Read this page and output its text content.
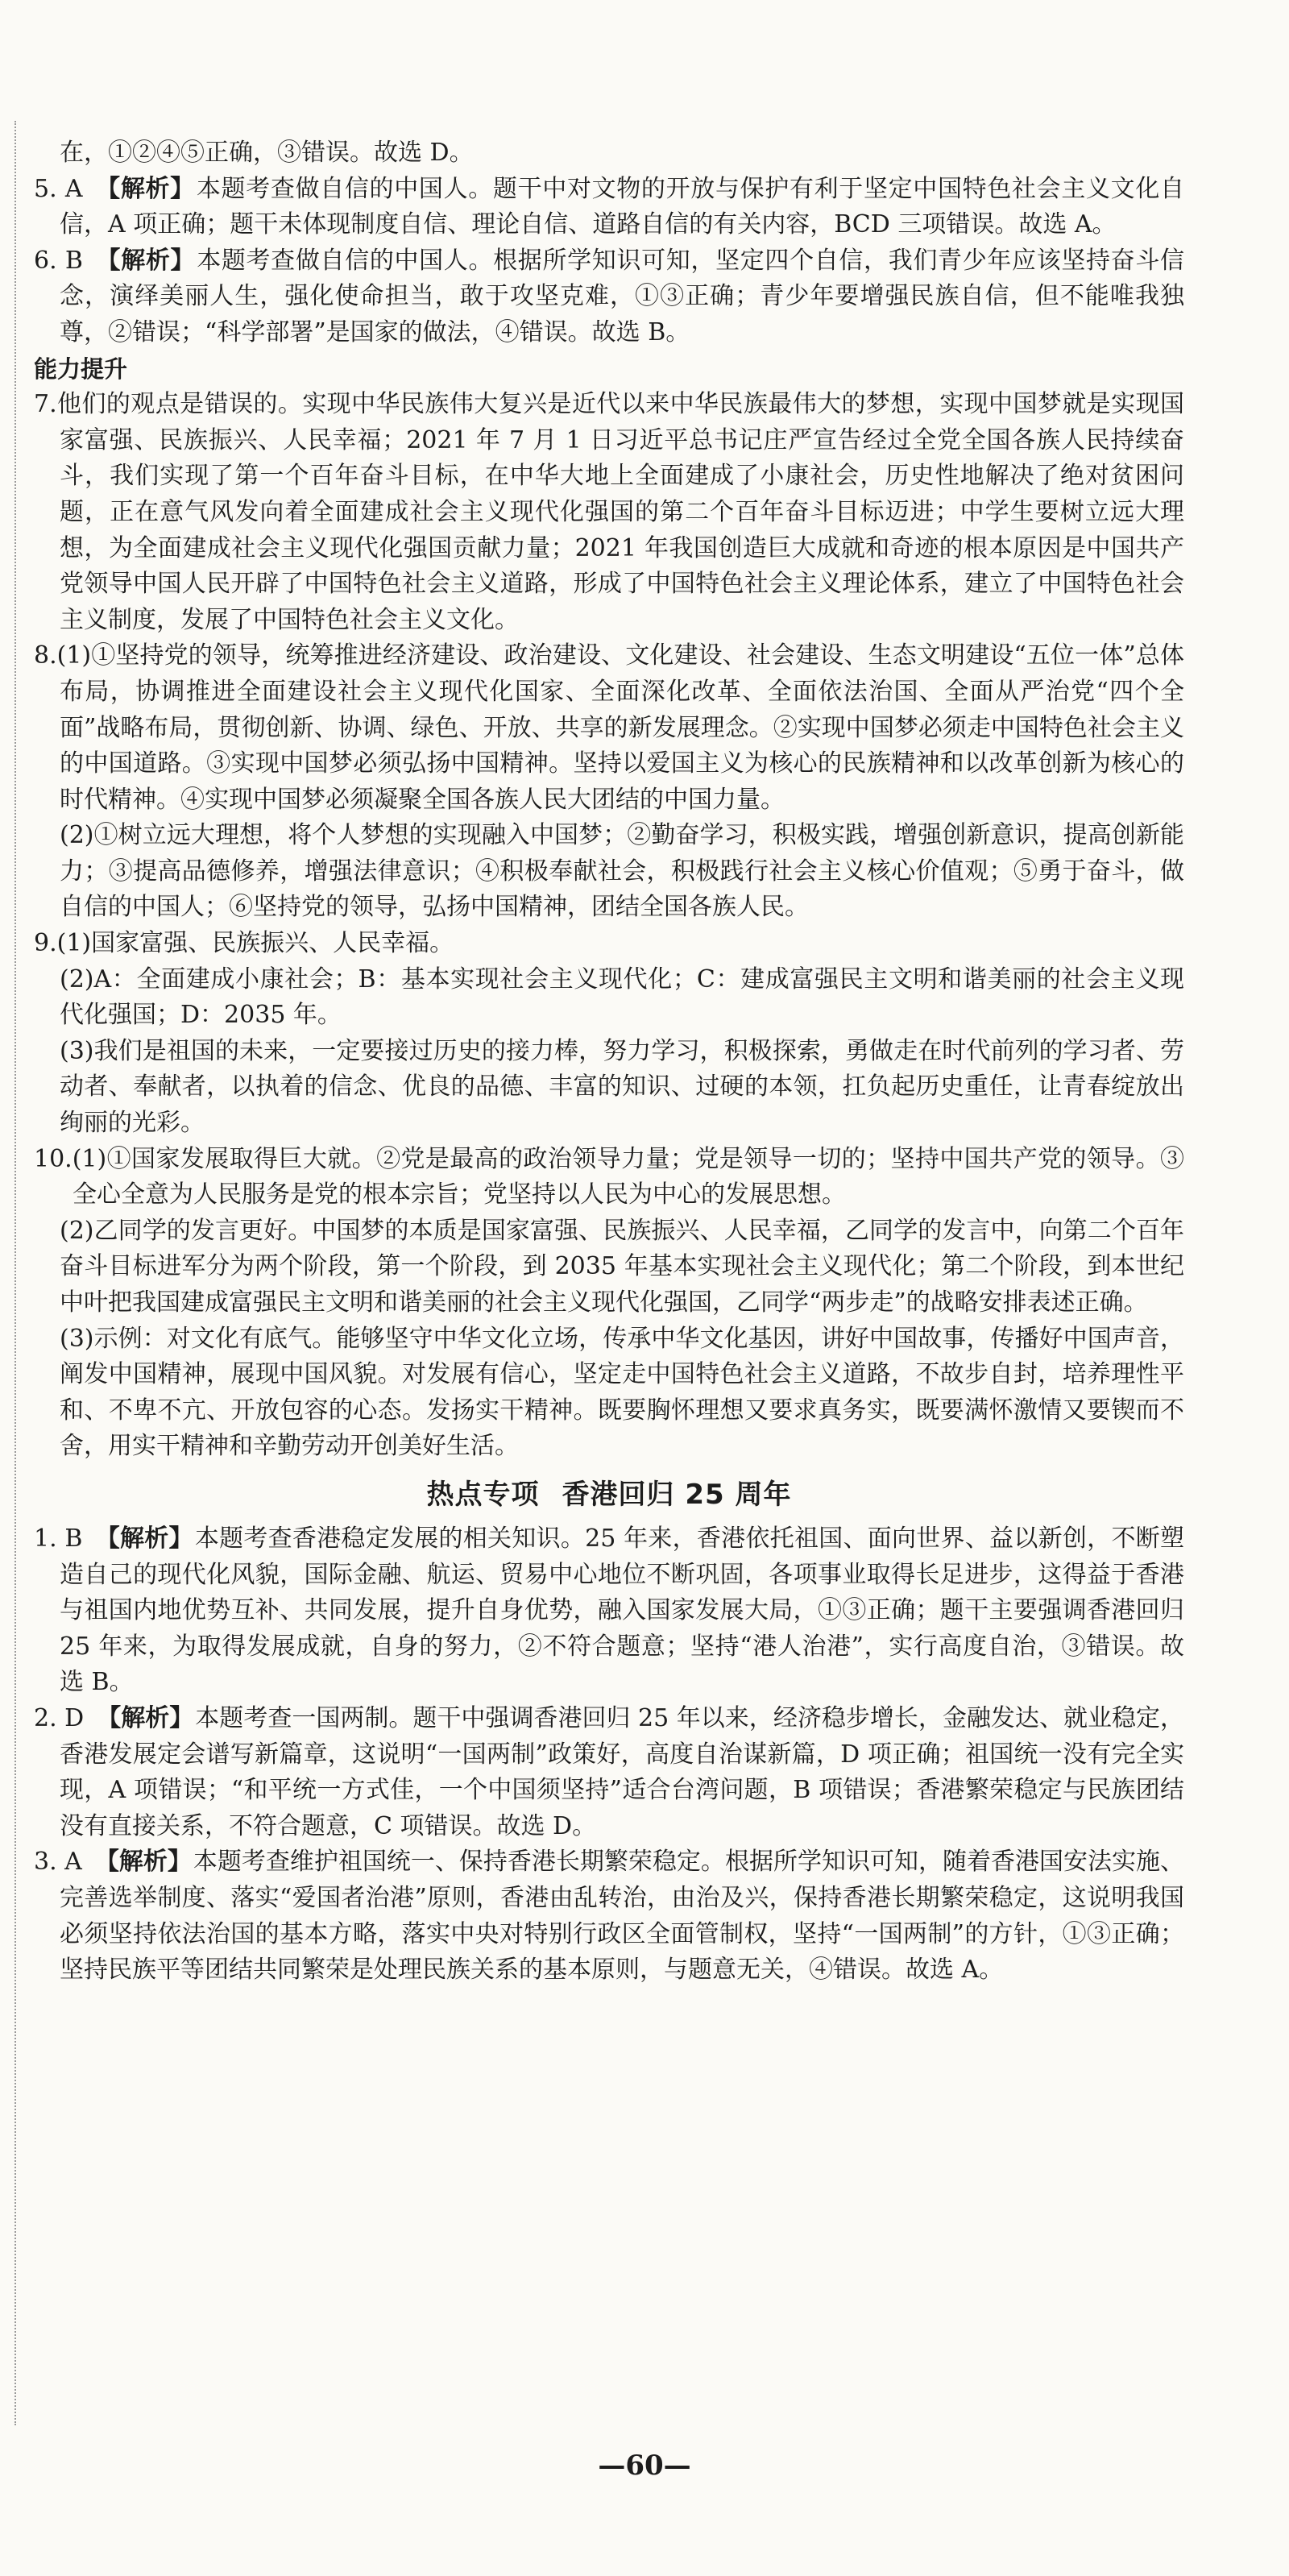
在，①②④⑤正确，③错误。故选 D。

5. A 【解析】本题考查做自信的中国人。题干中对文物的开放与保护有利于坚定中国特色社会主义文化自信，A 项正确；题干未体现制度自信、理论自信、道路自信的有关内容，BCD 三项错误。故选 A。

6. B 【解析】本题考查做自信的中国人。根据所学知识可知，坚定四个自信，我们青少年应该坚持奋斗信念，演绎美丽人生，强化使命担当，敢于攻坚克难，①③正确；青少年要增强民族自信，但不能唯我独尊，②错误；“科学部署”是国家的做法，④错误。故选 B。

能力提升

7.他们的观点是错误的。实现中华民族伟大复兴是近代以来中华民族最伟大的梦想，实现中国梦就是实现国家富强、民族振兴、人民幸福；2021 年 7 月 1 日习近平总书记庄严宣告经过全党全国各族人民持续奋斗，我们实现了第一个百年奋斗目标，在中华大地上全面建成了小康社会，历史性地解决了绝对贫困问题，正在意气风发向着全面建成社会主义现代化强国的第二个百年奋斗目标迈进；中学生要树立远大理想，为全面建成社会主义现代化强国贡献力量；2021 年我国创造巨大成就和奇迹的根本原因是中国共产党领导中国人民开辟了中国特色社会主义道路，形成了中国特色社会主义理论体系，建立了中国特色社会主义制度，发展了中国特色社会主义文化。

8.(1)①坚持党的领导，统筹推进经济建设、政治建设、文化建设、社会建设、生态文明建设“五位一体”总体布局，协调推进全面建设社会主义现代化国家、全面深化改革、全面依法治国、全面从严治党“四个全面”战略布局，贯彻创新、协调、绿色、开放、共享的新发展理念。②实现中国梦必须走中国特色社会主义的中国道路。③实现中国梦必须弘扬中国精神。坚持以爱国主义为核心的民族精神和以改革创新为核心的时代精神。④实现中国梦必须凝聚全国各族人民大团结的中国力量。

(2)①树立远大理想，将个人梦想的实现融入中国梦；②勤奋学习，积极实践，增强创新意识，提高创新能力；③提高品德修养，增强法律意识；④积极奉献社会，积极践行社会主义核心价值观；⑤勇于奋斗，做自信的中国人；⑥坚持党的领导，弘扬中国精神，团结全国各族人民。

9.(1)国家富强、民族振兴、人民幸福。

(2)A：全面建成小康社会；B：基本实现社会主义现代化；C：建成富强民主文明和谐美丽的社会主义现代化强国；D：2035 年。

(3)我们是祖国的未来，一定要接过历史的接力棒，努力学习，积极探索，勇做走在时代前列的学习者、劳动者、奉献者，以执着的信念、优良的品德、丰富的知识、过硬的本领，扛负起历史重任，让青春绽放出绚丽的光彩。

10.(1)①国家发展取得巨大就。②党是最高的政治领导力量；党是领导一切的；坚持中国共产党的领导。③全心全意为人民服务是党的根本宗旨；党坚持以人民为中心的发展思想。

(2)乙同学的发言更好。中国梦的本质是国家富强、民族振兴、人民幸福，乙同学的发言中，向第二个百年奋斗目标进军分为两个阶段，第一个阶段，到 2035 年基本实现社会主义现代化；第二个阶段，到本世纪中叶把我国建成富强民主文明和谐美丽的社会主义现代化强国，乙同学“两步走”的战略安排表述正确。

(3)示例：对文化有底气。能够坚守中华文化立场，传承中华文化基因，讲好中国故事，传播好中国声音，阐发中国精神，展现中国风貌。对发展有信心，坚定走中国特色社会主义道路，不故步自封，培养理性平和、不卑不亢、开放包容的心态。发扬实干精神。既要胸怀理想又要求真务实，既要满怀激情又要锲而不舍，用实干精神和辛勤劳动开创美好生活。

热点专项 香港回归 25 周年

1. B 【解析】本题考查香港稳定发展的相关知识。25 年来，香港依托祖国、面向世界、益以新创，不断塑造自己的现代化风貌，国际金融、航运、贸易中心地位不断巩固，各项事业取得长足进步，这得益于香港与祖国内地优势互补、共同发展，提升自身优势，融入国家发展大局，①③正确；题干主要强调香港回归 25 年来，为取得发展成就，自身的努力，②不符合题意；坚持“港人治港”，实行高度自治，③错误。故选 B。

2. D 【解析】本题考查一国两制。题干中强调香港回归 25 年以来，经济稳步增长，金融发达、就业稳定，香港发展定会谱写新篇章，这说明“一国两制”政策好，高度自治谋新篇，D 项正确；祖国统一没有完全实现，A 项错误；“和平统一方式佳，一个中国须坚持”适合台湾问题，B 项错误；香港繁荣稳定与民族团结没有直接关系，不符合题意，C 项错误。故选 D。

3. A 【解析】本题考查维护祖国统一、保持香港长期繁荣稳定。根据所学知识可知，随着香港国安法实施、完善选举制度、落实“爱国者治港”原则，香港由乱转治，由治及兴，保持香港长期繁荣稳定，这说明我国必须坚持依法治国的基本方略，落实中央对特别行政区全面管制权，坚持“一国两制”的方针，①③正确；坚持民族平等团结共同繁荣是处理民族关系的基本原则，与题意无关，④错误。故选 A。

—60—
